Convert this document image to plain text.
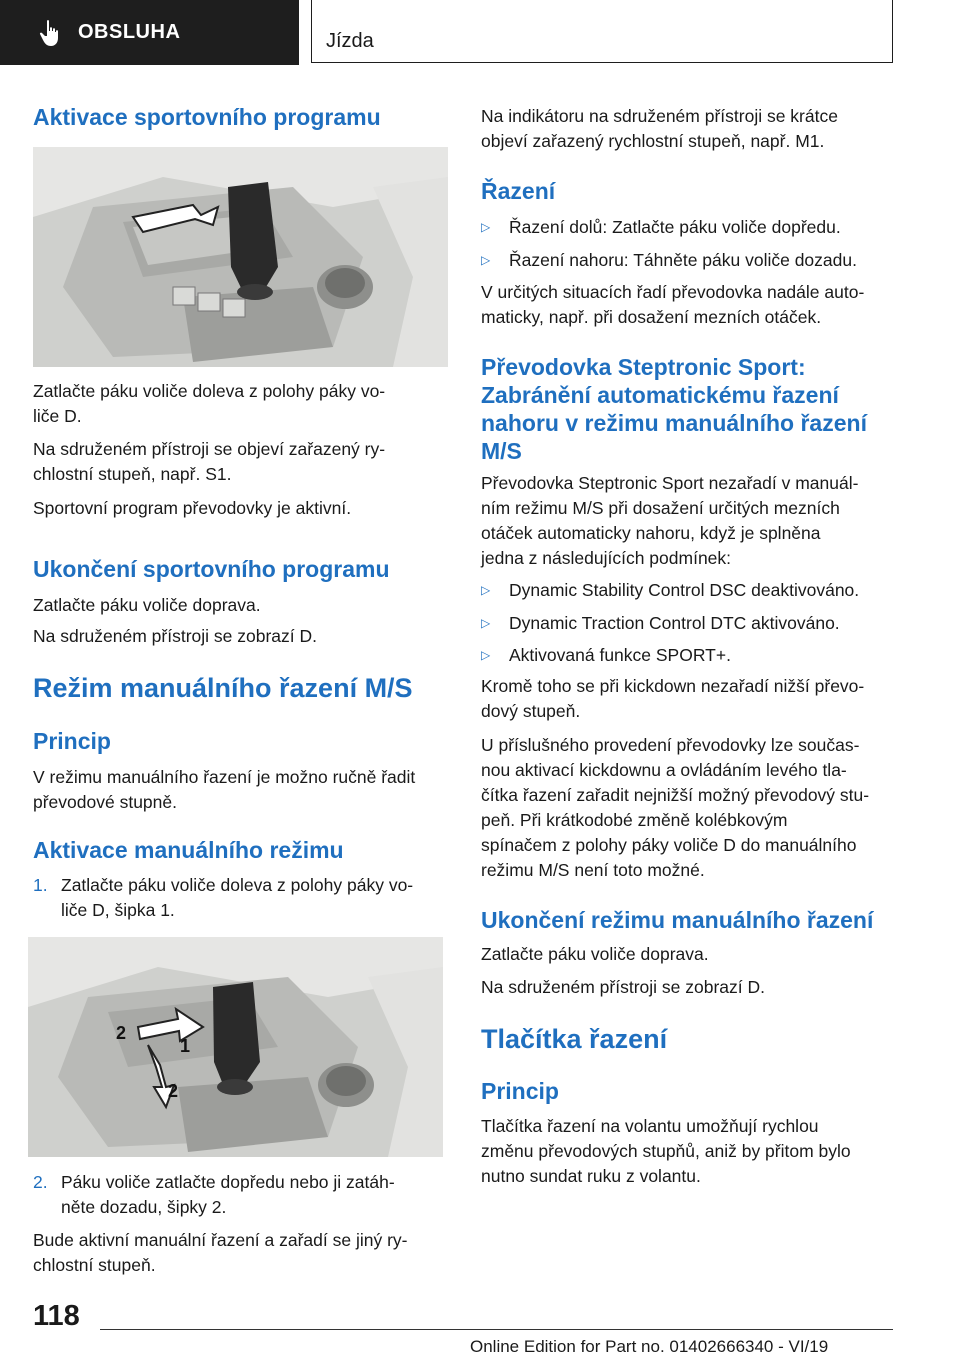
OBSLUHA	Jízda
Aktivace sportovního programu
Zatlačte páku voliče doleva z polohy páky vo-
liče D.
Na sdruženém přístroji se objeví zařazený ry-
chlostní stupeň, např. S1.
Sportovní program převodovky je aktivní.
Ukončení sportovního programu
Zatlačte páku voliče doprava.
Na sdruženém přístroji se zobrazí D.
Režim manuálního řazení M/S
Princip
V režimu manuálního řazení je možno ručně řadit
převodové stupně.
Aktivace manuálního režimu
1. Zatlačte páku voliče doleva z polohy páky vo-
liče D, šipka 1.
2
1
2
2. Páku voliče zatlačte dopředu nebo ji zatáh-
něte dozadu, šipky 2.
Bude aktivní manuální řazení a zařadí se jiný ry-
chlostní stupeň.
Na indikátoru na sdruženém přístroji se krátce
objeví zařazený rychlostní stupeň, např. M1.
Řazení
▷	Řazení dolů: Zatlačte páku voliče dopředu.
▷	Řazení nahoru: Táhněte páku voliče dozadu.
V určitých situacích řadí převodovka nadále auto-
maticky, např. při dosažení mezních otáček.
Převodovka Steptronic Sport:
Zabránění automatickému řazení
nahoru v režimu manuálního řazení
M/S
Převodovka Steptronic Sport nezařadí v manuál-
ním režimu M/S při dosažení určitých mezních
otáček automaticky nahoru, když je splněna
jedna z následujících podmínek:
▷	Dynamic Stability Control DSC deaktivováno.
▷	Dynamic Traction Control DTC aktivováno.
▷	Aktivovaná funkce SPORT+.
Kromě toho se při kickdown nezařadí nižší převo-
dový stupeň.
U příslušného provedení převodovky lze součas-
nou aktivací kickdownu a ovládáním levého tla-
čítka řazení zařadit nejnižší možný převodový stu-
peň. Při krátkodobé změně kolébkovým
spínačem z polohy páky voliče D do manuálního
režimu M/S není toto možné.
Ukončení režimu manuálního řazení
Zatlačte páku voliče doprava.
Na sdruženém přístroji se zobrazí D.
Tlačítka řazení
Princip
Tlačítka řazení na volantu umožňují rychlou
změnu převodových stupňů, aniž by přitom bylo
nutno sundat ruku z volantu.
118
Online Edition for Part no. 01402666340 - VI/19
